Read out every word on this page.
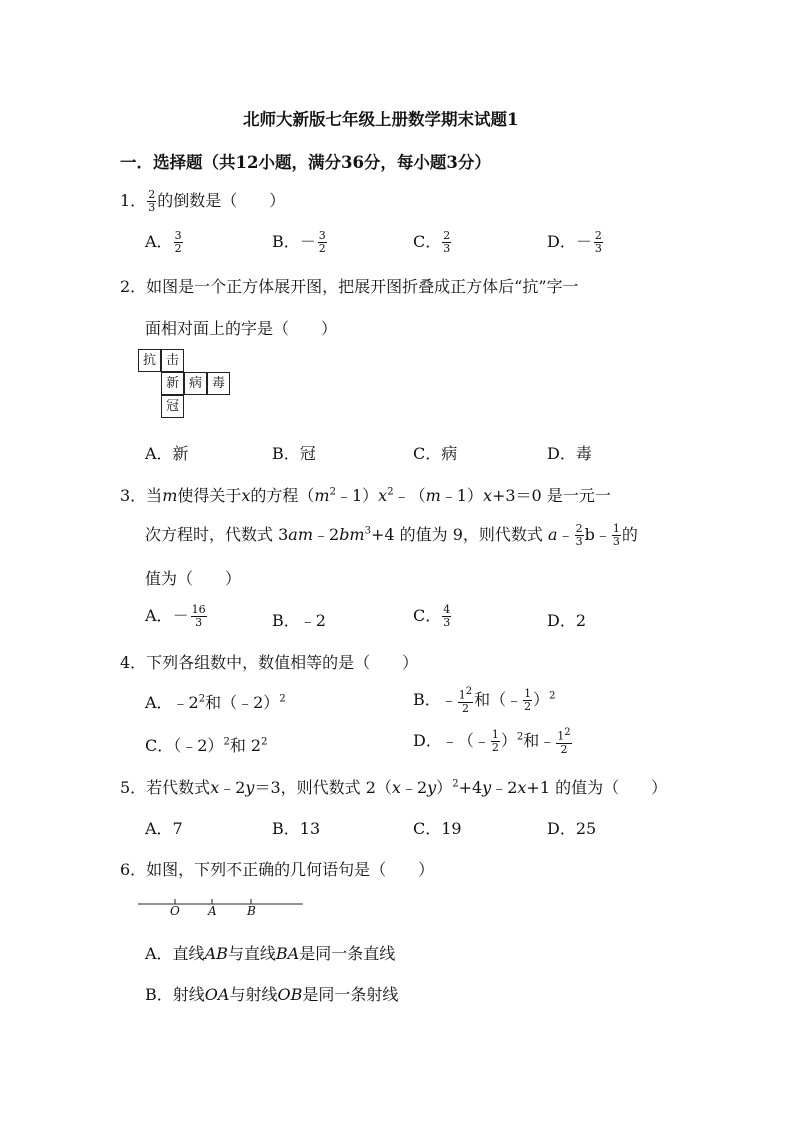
北师大新版七年级上册数学期末试题1
一．选择题（共12小题，满分36分，每小题3分）
1． $\frac{2}{3}$ 的倒数是（　　）
A． $\frac{3}{2}$	B．－ $\frac{3}{2}$	C． $\frac{2}{3}$	D．－ $\frac{2}{3}$
2．如图是一个正方体展开图，把展开图折叠成正方体后“抗”字一
面相对面上的字是（　　）
抗 击
新 病 毒
冠
A．新	B．冠	C．病	D．毒
3．当m使得关于x的方程$(m^2﹣1)x^2﹣(m﹣1)x+3=0$ 是一元一
次方程时，代数式 $3am﹣2bm^3+4$ 的值为 9，则代数式 a﹣ $\frac{2}{3}$ b﹣ $\frac{1}{3}$ 的
值为（　　）
A．－ $\frac{16}{3}$	B．﹣2	C． $\frac{4}{3}$	D．2
4．下列各组数中，数值相等的是（　　）
A．$﹣2^2$和（﹣2）$^2$	B．﹣ $\frac{1^2}{2}$ 和（﹣ $\frac{1}{2} )^2$
C．（﹣2）$^2$和 $2^2$	D．﹣（﹣ $\frac{1}{2} )^2$和﹣ $\frac{1^2}{2}$
5．若代数式x﹣2y＝3，则代数式 2（x﹣2y）$^2$+4y﹣2x+1 的值为（　　）
A．7	B．13	C．19	D．25
6．如图，下列不正确的几何语句是（　　）
O A	B
A．直线AB与直线BA是同一条直线
B．射线OA与射线OB是同一条射线
